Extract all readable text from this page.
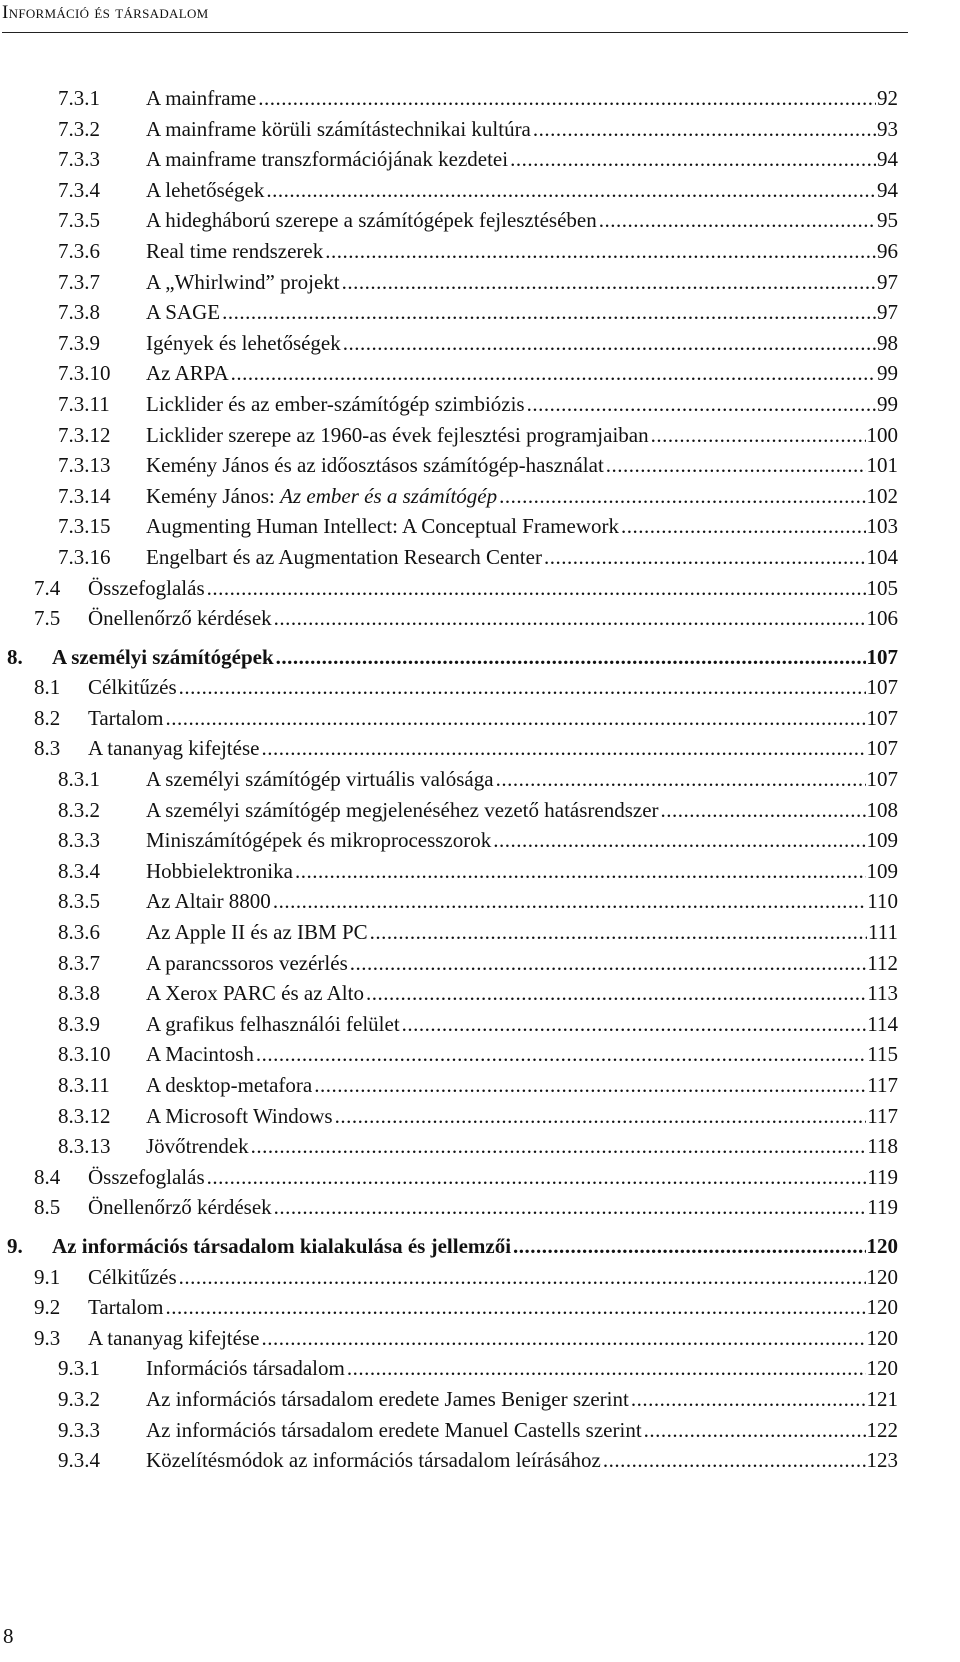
Információ és társadalom
7.3.1 A mainframe .....	92
7.3.2 A mainframe körüli számítástechnikai kultúra .....	93
7.3.3 A mainframe transzformációjának kezdetei .....	94
7.3.4 A lehetőségek .....	94
7.3.5 A hidegháború szerepe a számítógépek fejlesztésében .....	95
7.3.6 Real time rendszerek .....	96
7.3.7 A „Whirlwind” projekt .....	97
7.3.8 A SAGE .....	97
7.3.9 Igények és lehetőségek .....	98
7.3.10 Az ARPA .....	99
7.3.11 Licklider és az ember-számítógép szimbiózis .....	99
7.3.12 Licklider szerepe az 1960-as évek fejlesztési programjaiban .....	100
7.3.13 Kemény János és az időosztásos számítógép-használat .....	101
7.3.14 Kemény János: Az ember és a számítógép .....	102
7.3.15 Augmenting Human Intellect: A Conceptual Framework .....	103
7.3.16 Engelbart és az Augmentation Research Center .....	104
7.4 Összefoglalás .....	105
7.5 Önellenőrző kérdések .....	106
8. A személyi számítógépek .....	107
8.1 Célkitűzés .....	107
8.2 Tartalom .....	107
8.3 A tananyag kifejtése .....	107
8.3.1 A személyi számítógép virtuális valósága .....	107
8.3.2 A személyi számítógép megjelenéséhez vezető hatásrendszer .....	108
8.3.3 Miniszámítógépek és mikroprocesszorok .....	109
8.3.4 Hobbielektronika .....	109
8.3.5 Az Altair 8800 .....	110
8.3.6 Az Apple II és az IBM PC .....	111
8.3.7 A parancssoros vezérlés .....	112
8.3.8 A Xerox PARC és az Alto .....	113
8.3.9 A grafikus felhasználói felület .....	114
8.3.10 A Macintosh .....	115
8.3.11 A desktop-metafora .....	117
8.3.12 A Microsoft Windows .....	117
8.3.13 Jövőtrendek .....	118
8.4 Összefoglalás .....	119
8.5 Önellenőrző kérdések .....	119
9. Az információs társadalom kialakulása és jellemzői .....	120
9.1 Célkitűzés .....	120
9.2 Tartalom .....	120
9.3 A tananyag kifejtése .....	120
9.3.1 Információs társadalom .....	120
9.3.2 Az információs társadalom eredete James Beniger szerint .....	121
9.3.3 Az információs társadalom eredete Manuel Castells szerint .....	122
9.3.4 Közelítésmódok az információs társadalom leírásához .....	123
8
